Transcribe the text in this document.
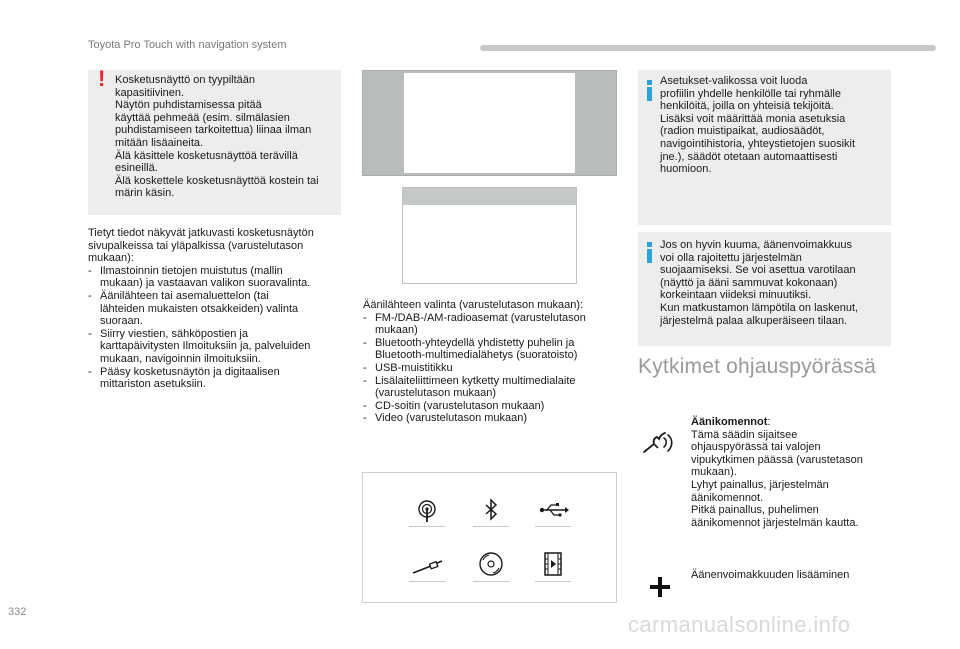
Toyota Pro Touch with navigation system
! Kosketusnäyttö on tyypiltään

kapasitiivinen.

Näytön puhdistamisessa pitää

käyttää pehmeää (esim. silmälasien

puhdistamiseen tarkoitettua) liinaa ilman

mitään lisäaineita.

Älä käsittele kosketusnäyttöä terävillä

esineillä.

Älä koskettele kosketusnäyttöä kostein tai

märin käsin.

Tietyt tiedot näkyvät jatkuvasti kosketusnäytön
sivupalkeissa tai yläpalkissa (varustelutason
mukaan):
- Ilmastoinnin tietojen muistutus (mallin
mukaan) ja vastaavan valikon suoravalinta.
- Äänilähteen tai asemaluettelon (tai
lähteiden mukaisten otsakkeiden) valinta
suoraan.
- Siirry viestien, sähköpostien ja
karttapäivitysten Ilmoituksiin ja, palveluiden
mukaan, navigoinnin ilmoituksiin.
- Pääsy kosketusnäytön ja digitaalisen
mittariston asetuksiin.
Äänilähteen valinta (varustelutason mukaan):
- FM-/DAB-/AM-radioasemat (varustelutason
mukaan)
- Bluetooth-yhteydellä yhdistetty puhelin ja
Bluetooth-multimedialähetys (suoratoisto)
- USB-muistitikku
- Lisälaiteliittimeen kytketty multimedialaite
(varustelutason mukaan)
- CD-soitin (varustelutason mukaan)
- Video (varustelutason mukaan)

Asetukset-valikossa voit luoda

profiilin yhdelle henkilölle tai ryhmälle

henkilöitä, joilla on yhteisiä tekijöitä.

Lisäksi voit määrittää monia asetuksia

(radion muistipaikat, audiosäädöt,

navigointihistoria, yhteystietojen suosikit

jne.), säädöt otetaan automaattisesti

huomioon.

Jos on hyvin kuuma, äänenvoimakkuus

voi olla rajoitettu järjestelmän

suojaamiseksi. Se voi asettua varotilaan

(näyttö ja ääni sammuvat kokonaan)

korkeintaan viideksi minuutiksi.

Kun matkustamon lämpötila on laskenut,

järjestelmä palaa alkuperäiseen tilaan.

Kytkimet ohjauspyörässä
Äänikomennot:
Tämä säädin sijaitsee
ohjauspyörässä tai valojen
vipukytkimen päässä (varustetason
mukaan).
Lyhyt painallus, järjestelmän
äänikomennot.
Pitkä painallus, puhelimen
äänikomennot järjestelmän kautta.
Äänenvoimakkuuden lisääminen
332	carmanualsonline.info
